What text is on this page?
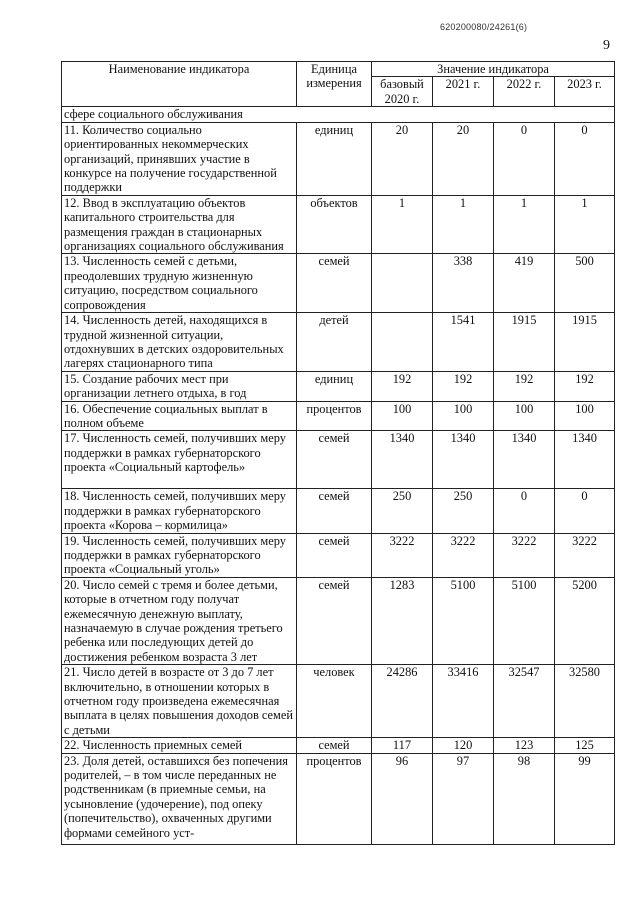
620200080/24261(6)
9
Наименование индикатора	Единица измерения	Значение индикатора			
		базовый 2020 г.	2021 г.	2022 г.	2023 г.
сфере социального обслуживания					
11. Количество социально ориентированных некоммерческих организаций, принявших участие в конкурсе на получение государственной поддержки	единиц	20	20	0	0
12. Ввод в эксплуатацию объектов капитального строительства для размещения граждан в стационарных организациях социального обслуживания	объектов	1	1	1	1
13. Численность семей с детьми, преодолевших трудную жизненную ситуацию, посредством социального сопровождения	семей		338	419	500
14. Численность детей, находящихся в трудной жизненной ситуации, отдохнувших в детских оздоровительных лагерях стационарного типа	детей		1541	1915	1915
15. Создание рабочих мест при организации летнего отдыха, в год	единиц	192	192	192	192
16. Обеспечение социальных выплат в полном объеме	процентов	100	100	100	100
17. Численность семей, получивших меру поддержки в рамках губернаторского проекта «Социальный картофель»	семей	1340	1340	1340	1340
18. Численность семей, получивших меру поддержки в рамках губернаторского проекта «Корова – кормилица»	семей	250	250	0	0
19. Численность семей, получивших меру поддержки в рамках губернаторского проекта «Социальный уголь»	семей	3222	3222	3222	3222
20. Число семей с тремя и более детьми, которые в отчетном году получат ежемесячную денежную выплату, назначаемую в случае рождения третьего ребенка или последующих детей до достижения ребенком возраста 3 лет	семей	1283	5100	5100	5200
21. Число детей в возрасте от 3 до 7 лет включительно, в отношении которых в отчетном году произведена ежемесячная выплата в целях повышения доходов семей с детьми	человек	24286	33416	32547	32580
22. Численность приемных семей	семей	117	120	123	125
23. Доля детей, оставшихся без попечения родителей, – в том числе переданных не родственникам (в приемные семьи, на усыновление (удочерение), под опеку (попечительство), охваченных другими формами семейного уст-	процентов	96	97	98	99
